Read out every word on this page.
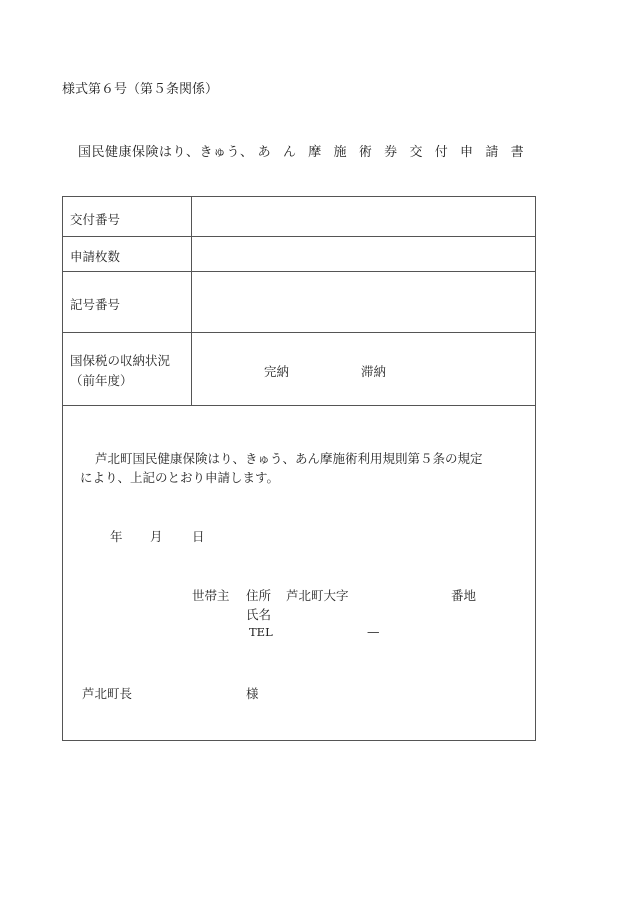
様式第６号（第５条関係）
国民健康保険はり、きゅう、 あん摩施術券交付申請書
交付番号
申請枚数
記号番号
国保税の収納状況
（前年度）
完納	滞納
芦北町国民健康保険はり、きゅう、あん摩施術利用規則第５条の規定
により、上記のとおり申請します。
年 月 日
世帯主 住所 芦北町大字	番地
氏名
TEL	—
芦北町長	様
